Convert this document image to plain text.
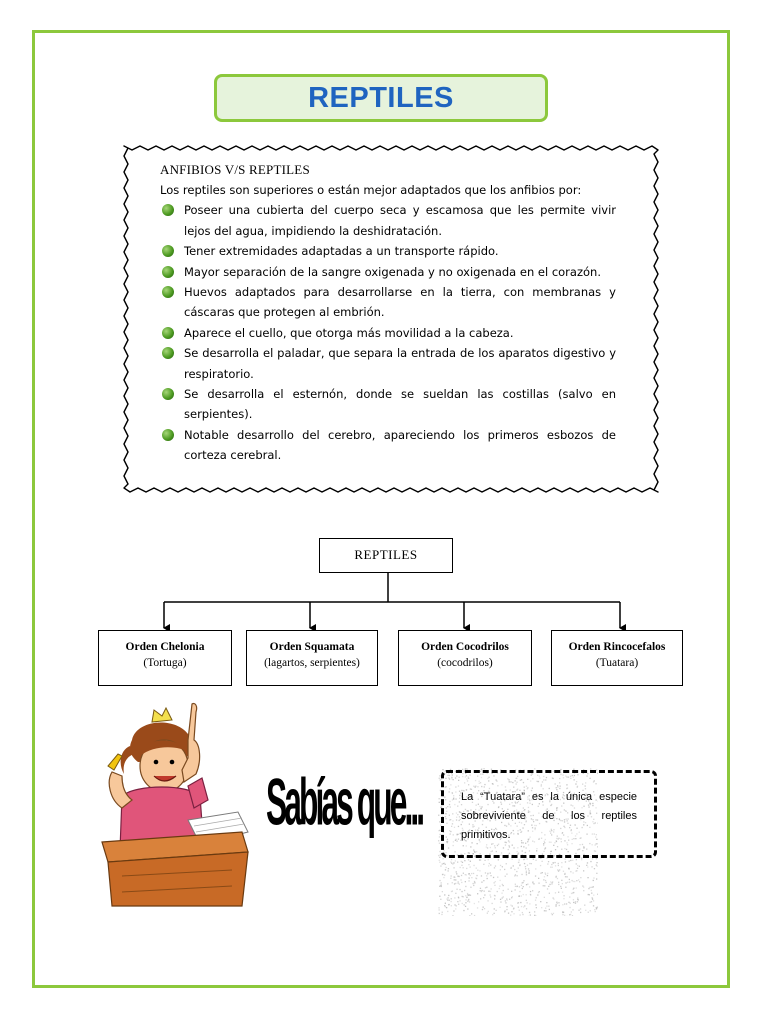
REPTILES
ANFIBIOS V/S REPTILES
Los reptiles son superiores o están mejor adaptados que los anfibios por:
Poseer una cubierta del cuerpo seca y escamosa que les permite vivir lejos del agua, impidiendo la deshidratación.
Tener extremidades adaptadas a un transporte rápido.
Mayor separación de la sangre oxigenada y no oxigenada en el corazón.
Huevos adaptados para desarrollarse en la tierra, con membranas y cáscaras que protegen al embrión.
Aparece el cuello, que otorga más movilidad a la cabeza.
Se desarrolla el paladar, que separa la entrada de los aparatos digestivo y respiratorio.
Se desarrolla el esternón, donde se sueldan las costillas (salvo en serpientes).
Notable desarrollo del cerebro, apareciendo los primeros esbozos de corteza cerebral.
REPTILES
Orden Chelonia
(Tortuga)
Orden Squamata
(lagartos, serpientes)
Orden Cocodrilos
(cocodrilos)
Orden Rincocefalos
(Tuatara)
Sabías que...	La “Tuatara” es la única especie sobreviviente de los reptiles primitivos.
